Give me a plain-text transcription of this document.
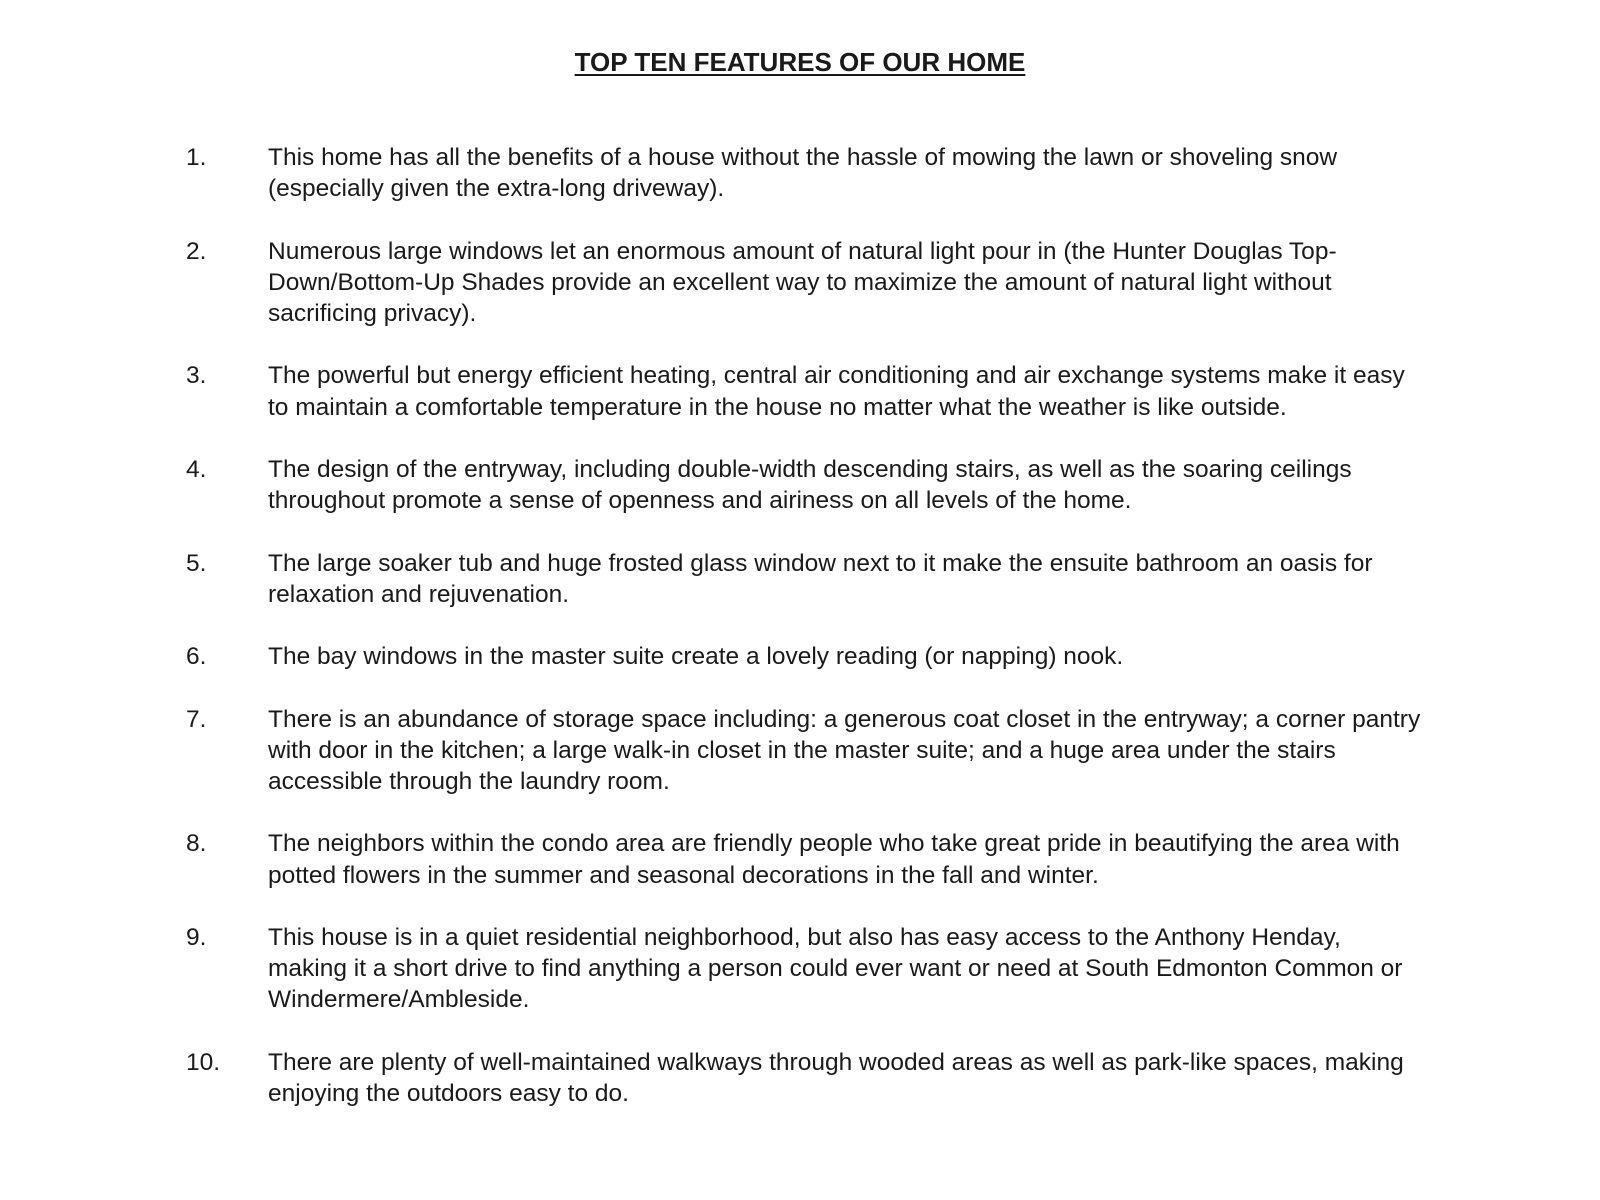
TOP TEN FEATURES OF OUR HOME
1.	This home has all the benefits of a house without the hassle of mowing the lawn or shoveling snow (especially given the extra-long driveway).
2.	Numerous large windows let an enormous amount of natural light pour in (the Hunter Douglas Top-Down/Bottom-Up Shades provide an excellent way to maximize the amount of natural light without sacrificing privacy).
3.	The powerful but energy efficient heating, central air conditioning and air exchange systems make it easy to maintain a comfortable temperature in the house no matter what the weather is like outside.
4.	The design of the entryway, including double-width descending stairs, as well as the soaring ceilings throughout promote a sense of openness and airiness on all levels of the home.
5.	The large soaker tub and huge frosted glass window next to it make the ensuite bathroom an oasis for relaxation and rejuvenation.
6.	The bay windows in the master suite create a lovely reading (or napping) nook.
7.	There is an abundance of storage space including: a generous coat closet in the entryway; a corner pantry with door in the kitchen; a large walk-in closet in the master suite; and a huge area under the stairs accessible through the laundry room.
8.	The neighbors within the condo area are friendly people who take great pride in beautifying the area with potted flowers in the summer and seasonal decorations in the fall and winter.
9.	This house is in a quiet residential neighborhood, but also has easy access to the Anthony Henday, making it a short drive to find anything a person could ever want or need at South Edmonton Common or Windermere/Ambleside.
10.	There are plenty of well-maintained walkways through wooded areas as well as park-like spaces, making enjoying the outdoors easy to do.
